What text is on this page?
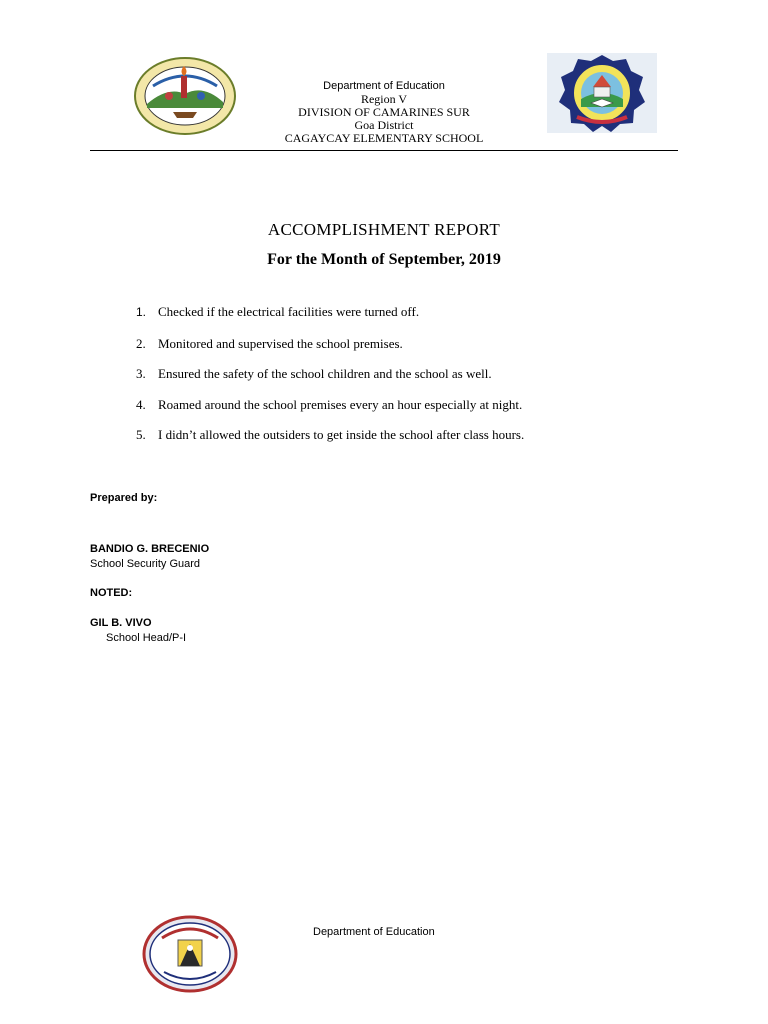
Department of Education
Region V
DIVISION OF CAMARINES SUR
Goa District
CAGAYCAY ELEMENTARY SCHOOL
ACCOMPLISHMENT REPORT
For the Month of September, 2019
1. Checked if the electrical facilities were turned off.
2. Monitored and supervised the school premises.
3. Ensured the safety of the school children and the school as well.
4. Roamed around the school premises every an hour especially at night.
5. I didn’t allowed the outsiders to get inside the school after class hours.
Prepared by:
BANDIO G. BRECENIO
School Security Guard
NOTED:
GIL B. VIVO
School Head/P-I
Department of Education
